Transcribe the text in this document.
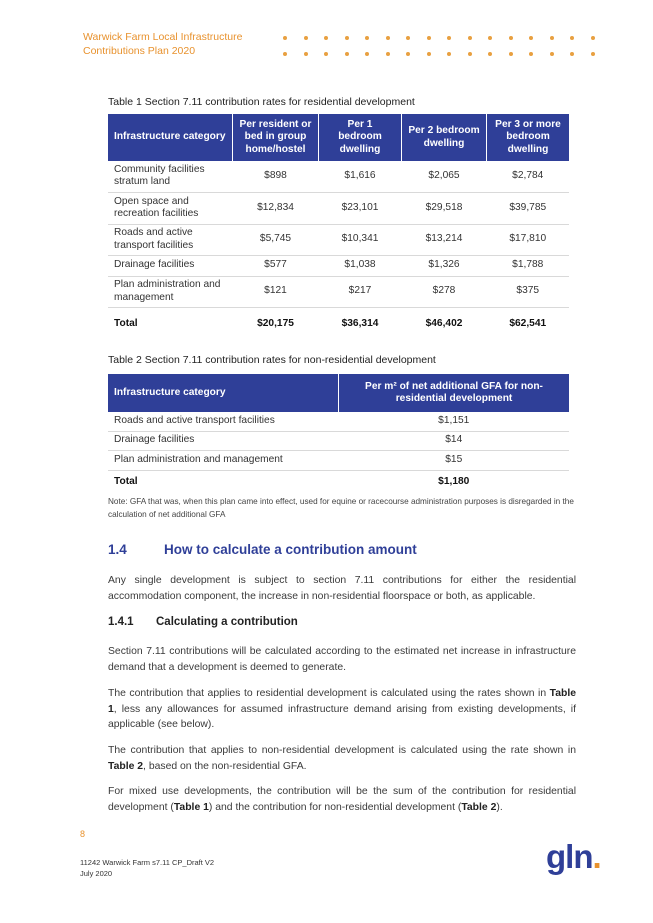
Warwick Farm Local Infrastructure
Contributions Plan 2020
Table 1 Section 7.11 contribution rates for residential development
Infrastructure category	Per resident or bed in group home/hostel	Per 1 bedroom dwelling	Per 2 bedroom dwelling	Per 3 or more bedroom dwelling
Community facilities stratum land	$898	$1,616	$2,065	$2,784
Open space and recreation facilities	$12,834	$23,101	$29,518	$39,785
Roads and active transport facilities	$5,745	$10,341	$13,214	$17,810
Drainage facilities	$577	$1,038	$1,326	$1,788
Plan administration and management	$121	$217	$278	$375
Total	$20,175	$36,314	$46,402	$62,541
Table 2 Section 7.11 contribution rates for non-residential development
Infrastructure category	Per m² of net additional GFA for non-residential development
Roads and active transport facilities	$1,151
Drainage facilities	$14
Plan administration and management	$15
Total	$1,180
Note: GFA that was, when this plan came into effect, used for equine or racecourse administration purposes is disregarded in the calculation of net additional GFA
1.4	How to calculate a contribution amount
Any single development is subject to section 7.11 contributions for either the residential accommodation component, the increase in non-residential floorspace or both, as applicable.
1.4.1 Calculating a contribution
Section 7.11 contributions will be calculated according to the estimated net increase in infrastructure demand that a development is deemed to generate.
The contribution that applies to residential development is calculated using the rates shown in Table 1, less any allowances for assumed infrastructure demand arising from existing developments, if applicable (see below).
The contribution that applies to non-residential development is calculated using the rate shown in Table 2, based on the non-residential GFA.
For mixed use developments, the contribution will be the sum of the contribution for residential development (Table 1) and the contribution for non-residential development (Table 2).
8
11242 Warwick Farm s7.11 CP_Draft V2
July 2020	gln.
